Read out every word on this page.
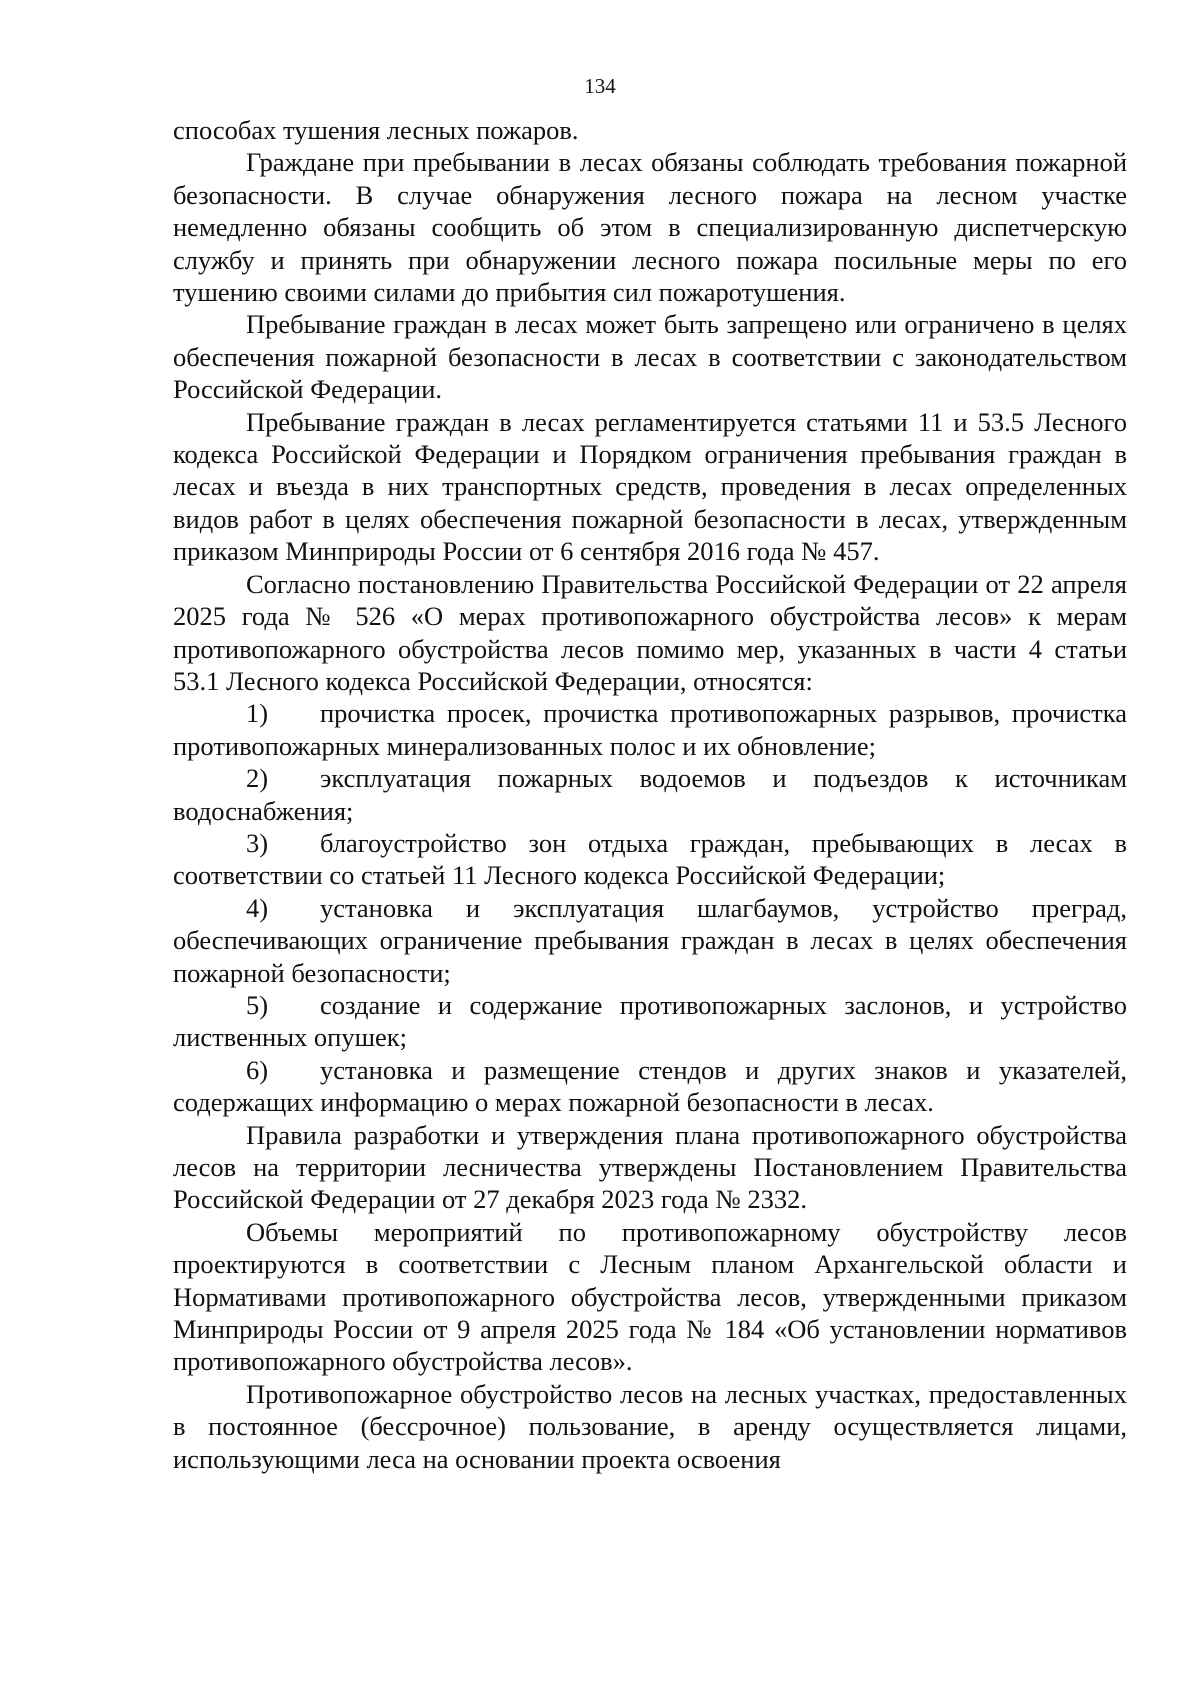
134

способах тушения лесных пожаров.

Граждане при пребывании в лесах обязаны соблюдать требования пожарной безопасности. В случае обнаружения лесного пожара на лесном участке немедленно обязаны сообщить об этом в специализированную диспетчерскую службу и принять при обнаружении лесного пожара посильные меры по его тушению своими силами до прибытия сил пожаротушения.

Пребывание граждан в лесах может быть запрещено или ограничено в целях обеспечения пожарной безопасности в лесах в соответствии с законодательством Российской Федерации.

Пребывание граждан в лесах регламентируется статьями 11 и 53.5 Лесного кодекса Российской Федерации и Порядком ограничения пребывания граждан в лесах и въезда в них транспортных средств, проведения в лесах определенных видов работ в целях обеспечения пожарной безопасности в лесах, утвержденным приказом Минприроды России от 6 сентября 2016 года № 457.

Согласно постановлению Правительства Российской Федерации от 22 апреля 2025 года № 526 «О мерах противопожарного обустройства лесов» к мерам противопожарного обустройства лесов помимо мер, указанных в части 4 статьи 53.1 Лесного кодекса Российской Федерации, относятся:

1) прочистка просек, прочистка противопожарных разрывов, прочистка противопожарных минерализованных полос и их обновление;

2) эксплуатация пожарных водоемов и подъездов к источникам водоснабжения;

3) благоустройство зон отдыха граждан, пребывающих в лесах в соответствии со статьей 11 Лесного кодекса Российской Федерации;

4) установка и эксплуатация шлагбаумов, устройство преград, обеспечивающих ограничение пребывания граждан в лесах в целях обеспечения пожарной безопасности;

5) создание и содержание противопожарных заслонов, и устройство лиственных опушек;

6) установка и размещение стендов и других знаков и указателей, содержащих информацию о мерах пожарной безопасности в лесах.

Правила разработки и утверждения плана противопожарного обустройства лесов на территории лесничества утверждены Постановлением Правительства Российской Федерации от 27 декабря 2023 года № 2332.

Объемы мероприятий по противопожарному обустройству лесов проектируются в соответствии с Лесным планом Архангельской области и Нормативами противопожарного обустройства лесов, утвержденными приказом Минприроды России от 9 апреля 2025 года № 184 «Об установлении нормативов противопожарного обустройства лесов».

Противопожарное обустройство лесов на лесных участках, предоставленных в постоянное (бессрочное) пользование, в аренду осуществляется лицами, использующими леса на основании проекта освоения
